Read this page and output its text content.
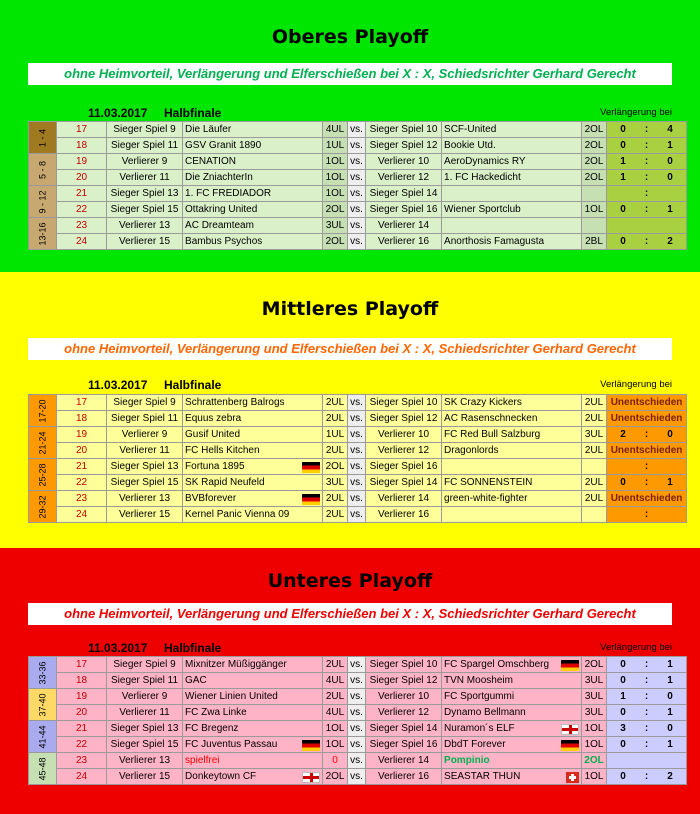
Oberes Playoff
ohne Heimvorteil, Verlängerung und Elferschießen bei X : X, Schiedsrichter Gerhard Gerecht
11.03.2017 Halbfinale	Verlängerung bei
1 - 4	17	Sieger Spiel 9	Die Läufer	4UL	vs.	Sieger Spiel 10	SCF-United	2OL	0 : 4

	18	Sieger Spiel 11	GSV Granit 1890	1UL	vs.	Sieger Spiel 12	Bookie Utd.	2OL	0 : 1

5 - 8	19	Verlierer 9	CENATION	1OL	vs.	Verlierer 10	AeroDynamics RY	2OL	1 : 0

	20	Verlierer 11	Die ZniachterIn	1OL	vs.	Verlierer 12	1. FC Hackedicht	2OL	1 : 0

9 - 12	21	Sieger Spiel 13	1. FC FREDIADOR	1OL	vs.	Sieger Spiel 14			:

	22	Sieger Spiel 15	Ottakring United	2OL	vs.	Sieger Spiel 16	Wiener Sportclub	1OL	0 : 1

13-16	23	Verlierer 13	AC Dreamteam	3UL	vs.	Verlierer 14			

	24	Verlierer 15	Bambus Psychos	2OL	vs.	Verlierer 16	Anorthosis Famagusta	2BL	0 : 2
Mittleres Playoff
ohne Heimvorteil, Verlängerung und Elferschießen bei X : X, Schiedsrichter Gerhard Gerecht
11.03.2017 Halbfinale	Verlängerung bei
17-20	17	Sieger Spiel 9	Schrattenberg Balrogs	2UL	vs.	Sieger Spiel 10	SK Crazy Kickers	2UL	Unentschieden
	18	Sieger Spiel 11	Equus zebra	2UL	vs.	Sieger Spiel 12	AC Rasenschnecken	2UL	Unentschieden

21-24	19	Verlierer 9	Gusif United	1UL	vs.	Verlierer 10	FC Red Bull Salzburg	3UL	2 : 0

	20	Verlierer 11	FC Hells Kitchen	2UL	vs.	Verlierer 12	Dragonlords	2UL	Unentschieden

25-28	21	Sieger Spiel 13	Fortuna 1895	2OL	vs.	Sieger Spiel 16			:

	22	Sieger Spiel 15	SK Rapid Neufeld	3UL	vs.	Sieger Spiel 14	FC SONNENSTEIN	2UL	0 : 1

29-32	23	Verlierer 13	BVBforever	2UL	vs.	Verlierer 14	green-white-fighter	2UL	Unentschieden
	24	Verlierer 15	Kernel Panic Vienna 09	2UL	vs.	Verlierer 16			:
Unteres Playoff
ohne Heimvorteil, Verlängerung und Elferschießen bei X : X, Schiedsrichter Gerhard Gerecht
11.03.2017 Halbfinale	Verlängerung bei
33-36	17	Sieger Spiel 9	Mixnitzer Müßiggänger	2UL	vs.	Sieger Spiel 10	FC Spargel Omschberg	2OL	0 : 1

	18	Sieger Spiel 11	GAC	4UL	vs.	Sieger Spiel 12	TVN Moosheim	3UL	0 : 1

37-40	19	Verlierer 9	Wiener Linien United	2UL	vs.	Verlierer 10	FC Sportgummi	3UL	1 : 0

	20	Verlierer 11	FC Zwa Linke	4UL	vs.	Verlierer 12	Dynamo Bellmann	3UL	0 : 1

41-44	21	Sieger Spiel 13	FC Bregenz	1OL	vs.	Sieger Spiel 14	Nuramon´s ELF	1OL	3 : 0

	22	Sieger Spiel 15	FC Juventus Passau	1OL	vs.	Sieger Spiel 16	DbdT Forever	1OL	0 : 1

45-48	23	Verlierer 13	spielfrei	0	vs.	Verlierer 14	Pompinio	2OL	

	24	Verlierer 15	Donkeytown CF	2OL	vs.	Verlierer 16	SEASTAR THUN	1OL	0 : 2
